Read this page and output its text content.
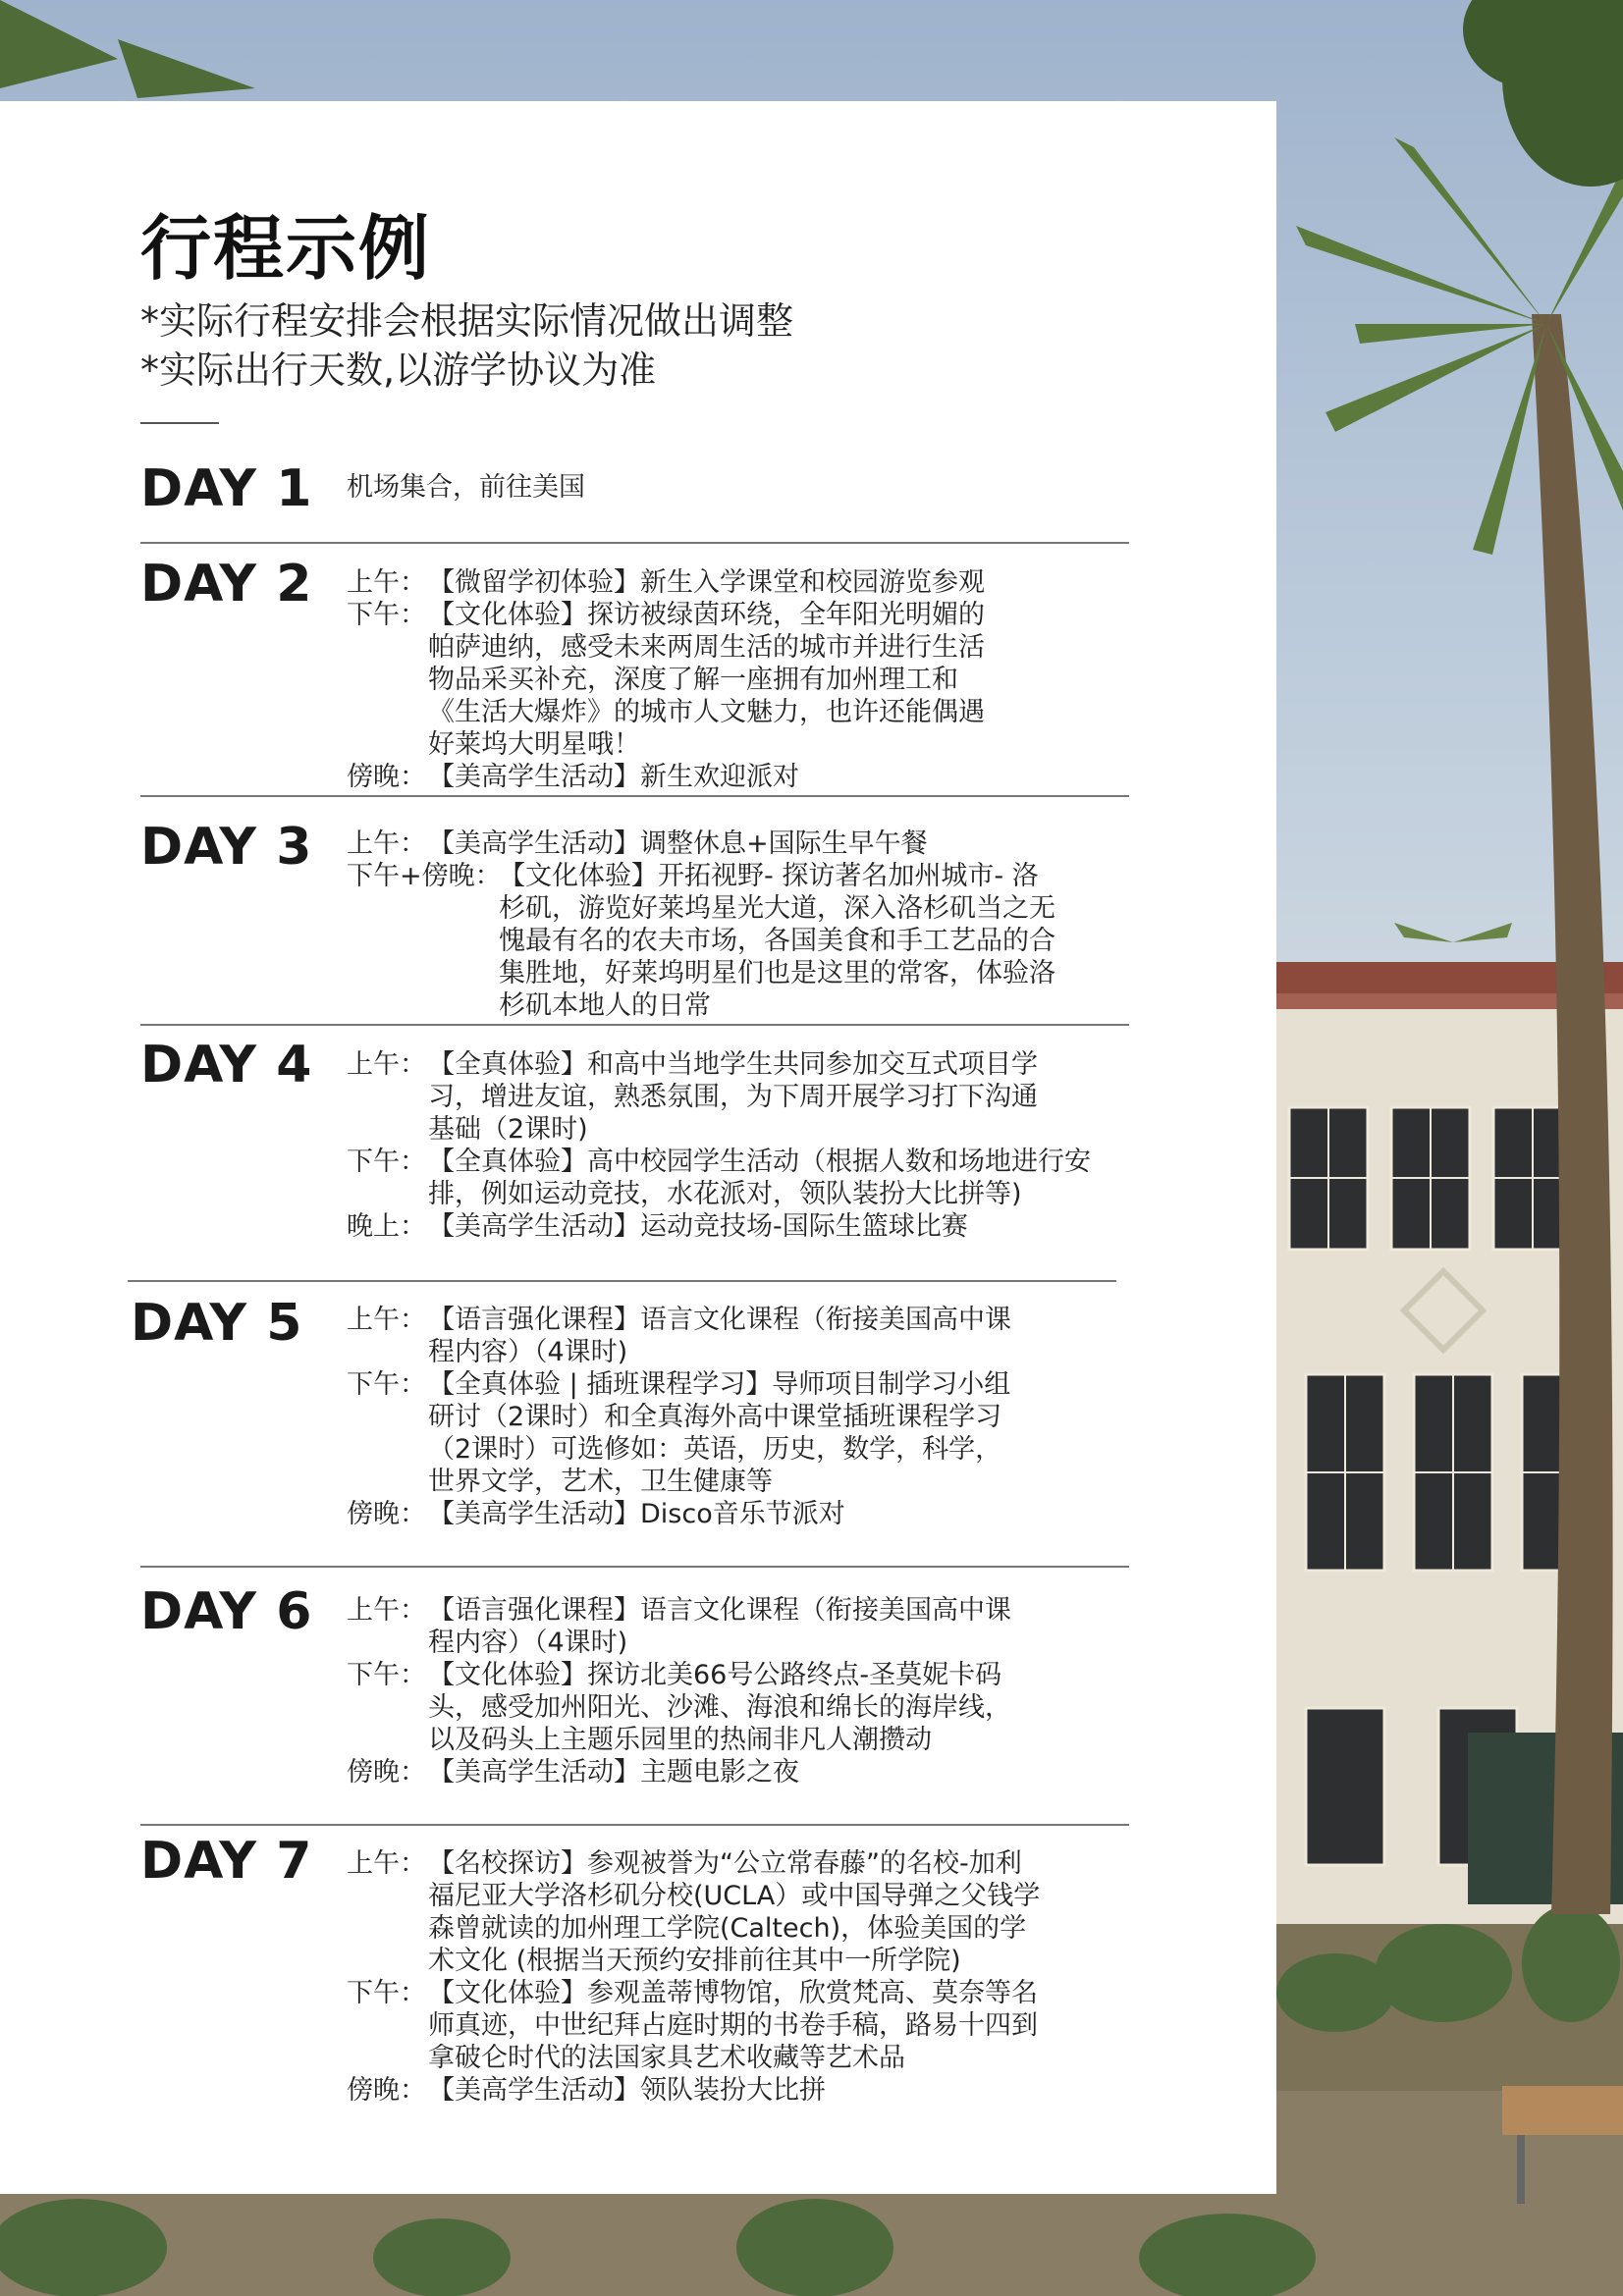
行程示例
*实际行程安排会根据实际情况做出调整
*实际出行天数,以游学协议为准
DAY 1 机场集合，前往美国
DAY 2 上午： 【微留学初体验】新生入学课堂和校园游览参观
下午： 【文化体验】探访被绿茵环绕，全年阳光明媚的帕萨迪纳，感受未来两周生活的城市并进行生活物品采买补充，深度了解一座拥有加州理工和《生活大爆炸》的城市人文魅力，也许还能偶遇好莱坞大明星哦！
傍晚： 【美高学生活动】新生欢迎派对
DAY 3 上午： 【美高学生活动】调整休息+国际生早午餐
下午+傍晚：
【文化体验】开拓视野- 探访著名加州城市- 洛杉矶，游览好莱坞星光大道，深入洛杉矶当之无愧最有名的农夫市场，各国美食和手工艺品的合集胜地，好莱坞明星们也是这里的常客，体验洛杉矶本地人的日常
DAY 4 上午： 【全真体验】和高中当地学生共同参加交互式项目学习，增进友谊，熟悉氛围，为下周开展学习打下沟通基础（2课时)
下午： 【全真体验】高中校园学生活动（根据人数和场地进行安排，例如运动竞技，水花派对，领队装扮大比拼等)
晚上： 【美高学生活动】运动竞技场-国际生篮球比赛
DAY 5 上午： 【语言强化课程】语言文化课程（衔接美国高中课程内容）（4课时)
下午： 【全真体验 | 插班课程学习】导师项目制学习小组研讨（2课时）和全真海外高中课堂插班课程学习（2课时）可选修如：英语，历史，数学，科学，世界文学，艺术，卫生健康等
傍晚： 【美高学生活动】Disco音乐节派对
DAY 6 上午： 【语言强化课程】语言文化课程（衔接美国高中课程内容）（4课时)
下午： 【文化体验】探访北美66号公路终点-圣莫妮卡码头，感受加州阳光、沙滩、海浪和绵长的海岸线，以及码头上主题乐园里的热闹非凡人潮攒动
傍晚： 【美高学生活动】主题电影之夜
DAY 7 上午： 【名校探访】参观被誉为“公立常春藤”的名校-加利福尼亚大学洛杉矶分校(UCLA）或中国导弹之父钱学森曾就读的加州理工学院(Caltech)，体验美国的学术文化 (根据当天预约安排前往其中一所学院)
下午： 【文化体验】参观盖蒂博物馆，欣赏梵高、莫奈等名师真迹，中世纪拜占庭时期的书卷手稿，路易十四到拿破仑时代的法国家具艺术收藏等艺术品
傍晚： 【美高学生活动】领队装扮大比拼
